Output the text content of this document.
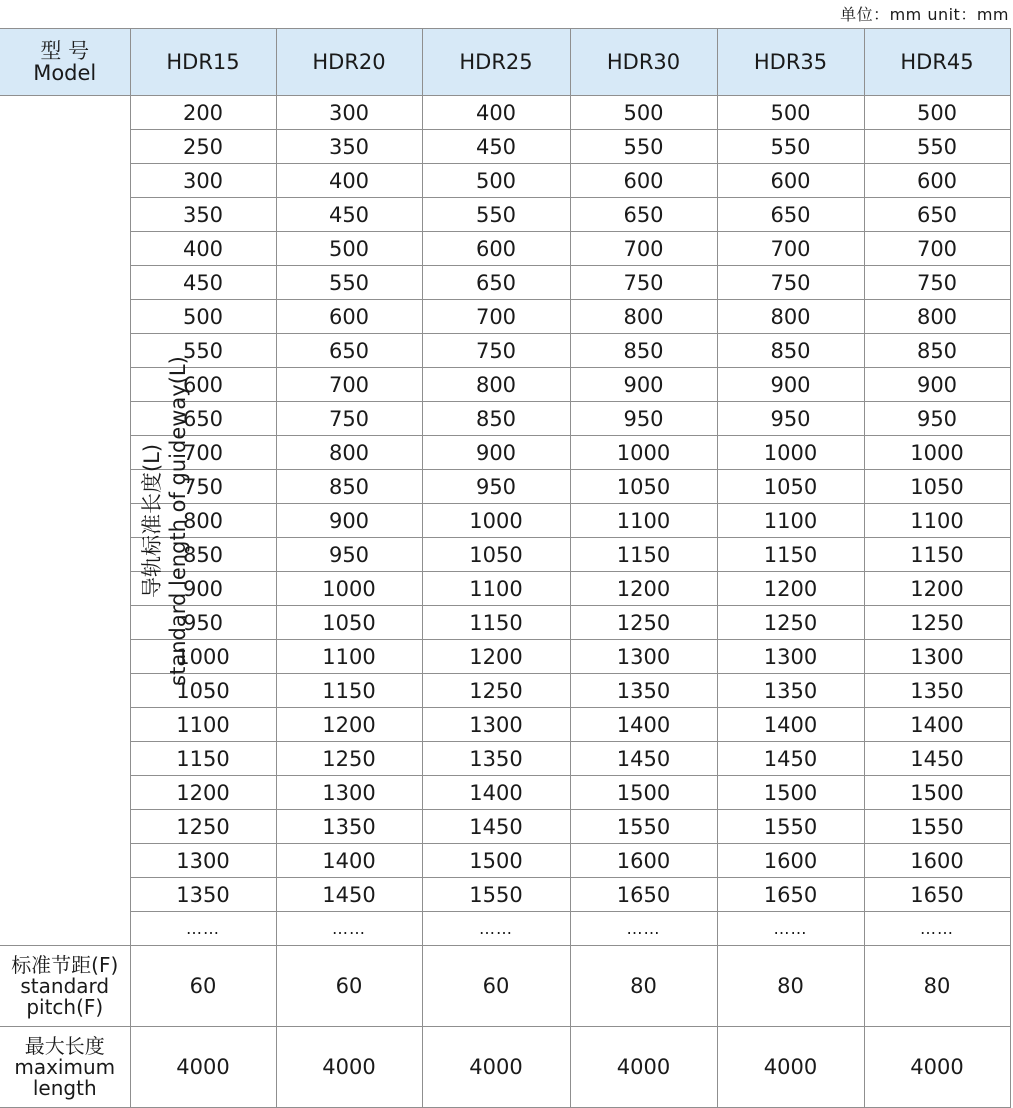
单位：mm unit：mm
型 号
Model	HDR15	HDR20	HDR25	HDR30	HDR35	HDR45

导轨标准长度(L) standard length of guideway(L)	200	300	400	500	500	500
	250	350	450	550	550	550
	300	400	500	600	600	600
	350	450	550	650	650	650
	400	500	600	700	700	700
	450	550	650	750	750	750
	500	600	700	800	800	800
	550	650	750	850	850	850
	600	700	800	900	900	900
	650	750	850	950	950	950
	700	800	900	1000	1000	1000
	750	850	950	1050	1050	1050
	800	900	1000	1100	1100	1100
	850	950	1050	1150	1150	1150
	900	1000	1100	1200	1200	1200
	950	1050	1150	1250	1250	1250
	1000	1100	1200	1300	1300	1300
	1050	1150	1250	1350	1350	1350
	1100	1200	1300	1400	1400	1400
	1150	1250	1350	1450	1450	1450
	1200	1300	1400	1500	1500	1500
	1250	1350	1450	1550	1550	1550
	1300	1400	1500	1600	1600	1600
	1350	1450	1550	1650	1650	1650
	……	……	……	……	……	……

标准节距(F)
standard
pitch(F)	60	60	60	80	80	80

最大长度
maximum
length	4000	4000	4000	4000	4000	4000
